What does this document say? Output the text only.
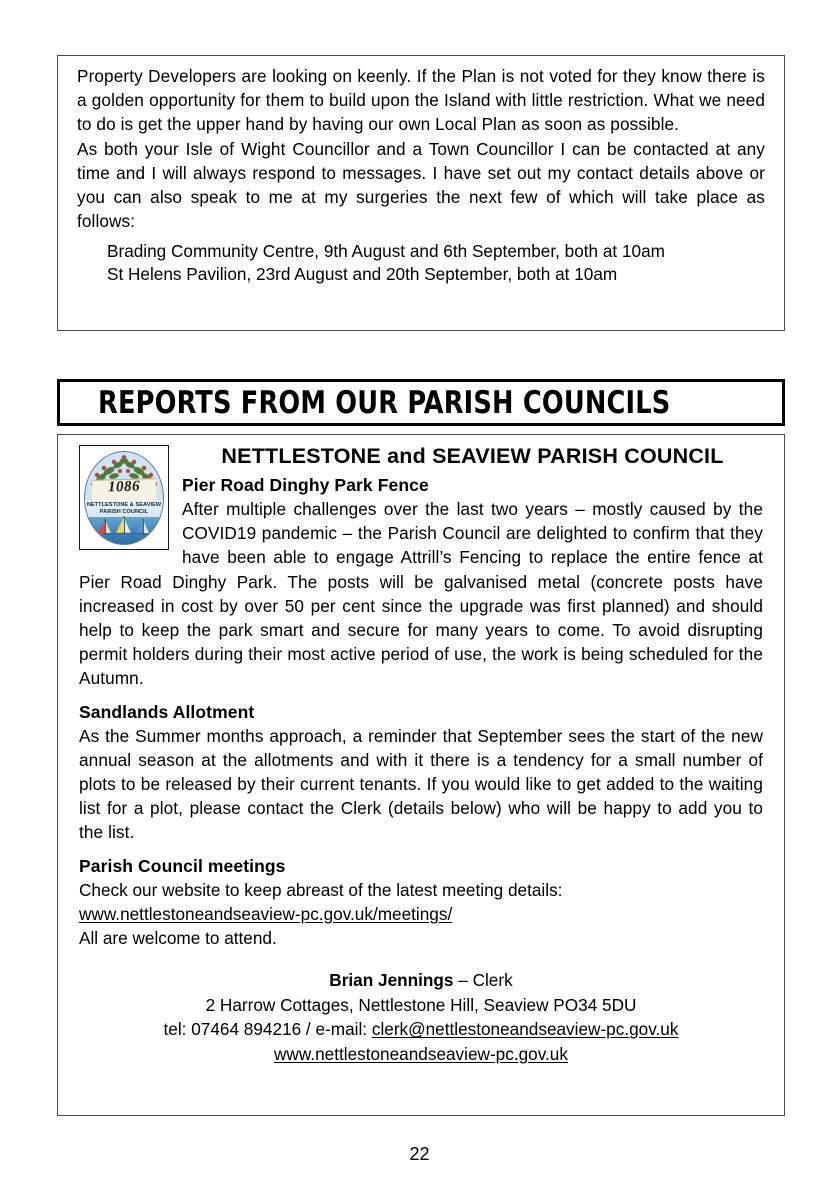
Property Developers are looking on keenly. If the Plan is not voted for they know there is a golden opportunity for them to build upon the Island with little restriction. What we need to do is get the upper hand by having our own Local Plan as soon as possible.

As both your Isle of Wight Councillor and a Town Councillor I can be contacted at any time and I will always respond to messages. I have set out my contact details above or you can also speak to me at my surgeries the next few of which will take place as follows:

Brading Community Centre, 9th August and 6th September, both at 10am
St Helens Pavilion, 23rd August and 20th September, both at 10am
REPORTS FROM OUR PARISH COUNCILS
1086
NETTLESTONE & SEAVIEW
PARISH COUNCIL
NETTLESTONE and SEAVIEW PARISH COUNCIL
Pier Road Dinghy Park Fence

After multiple challenges over the last two years – mostly caused by the COVID19 pandemic – the Parish Council are delighted to confirm that they have been able to engage Attrill’s Fencing to replace the entire fence at Pier Road Dinghy Park. The posts will be galvanised metal (concrete posts have increased in cost by over 50 per cent since the upgrade was first planned) and should help to keep the park smart and secure for many years to come. To avoid disrupting permit holders during their most active period of use, the work is being scheduled for the Autumn.

Sandlands Allotment

As the Summer months approach, a reminder that September sees the start of the new annual season at the allotments and with it there is a tendency for a small number of plots to be released by their current tenants. If you would like to get added to the waiting list for a plot, please contact the Clerk (details below) who will be happy to add you to the list.

Parish Council meetings
Check our website to keep abreast of the latest meeting details:
www.nettlestoneandseaview-pc.gov.uk/meetings/
All are welcome to attend.
Brian Jennings – Clerk
2 Harrow Cottages, Nettlestone Hill, Seaview PO34 5DU
tel: 07464 894216 / e-mail: clerk@nettlestoneandseaview-pc.gov.uk
www.nettlestoneandseaview-pc.gov.uk
22
